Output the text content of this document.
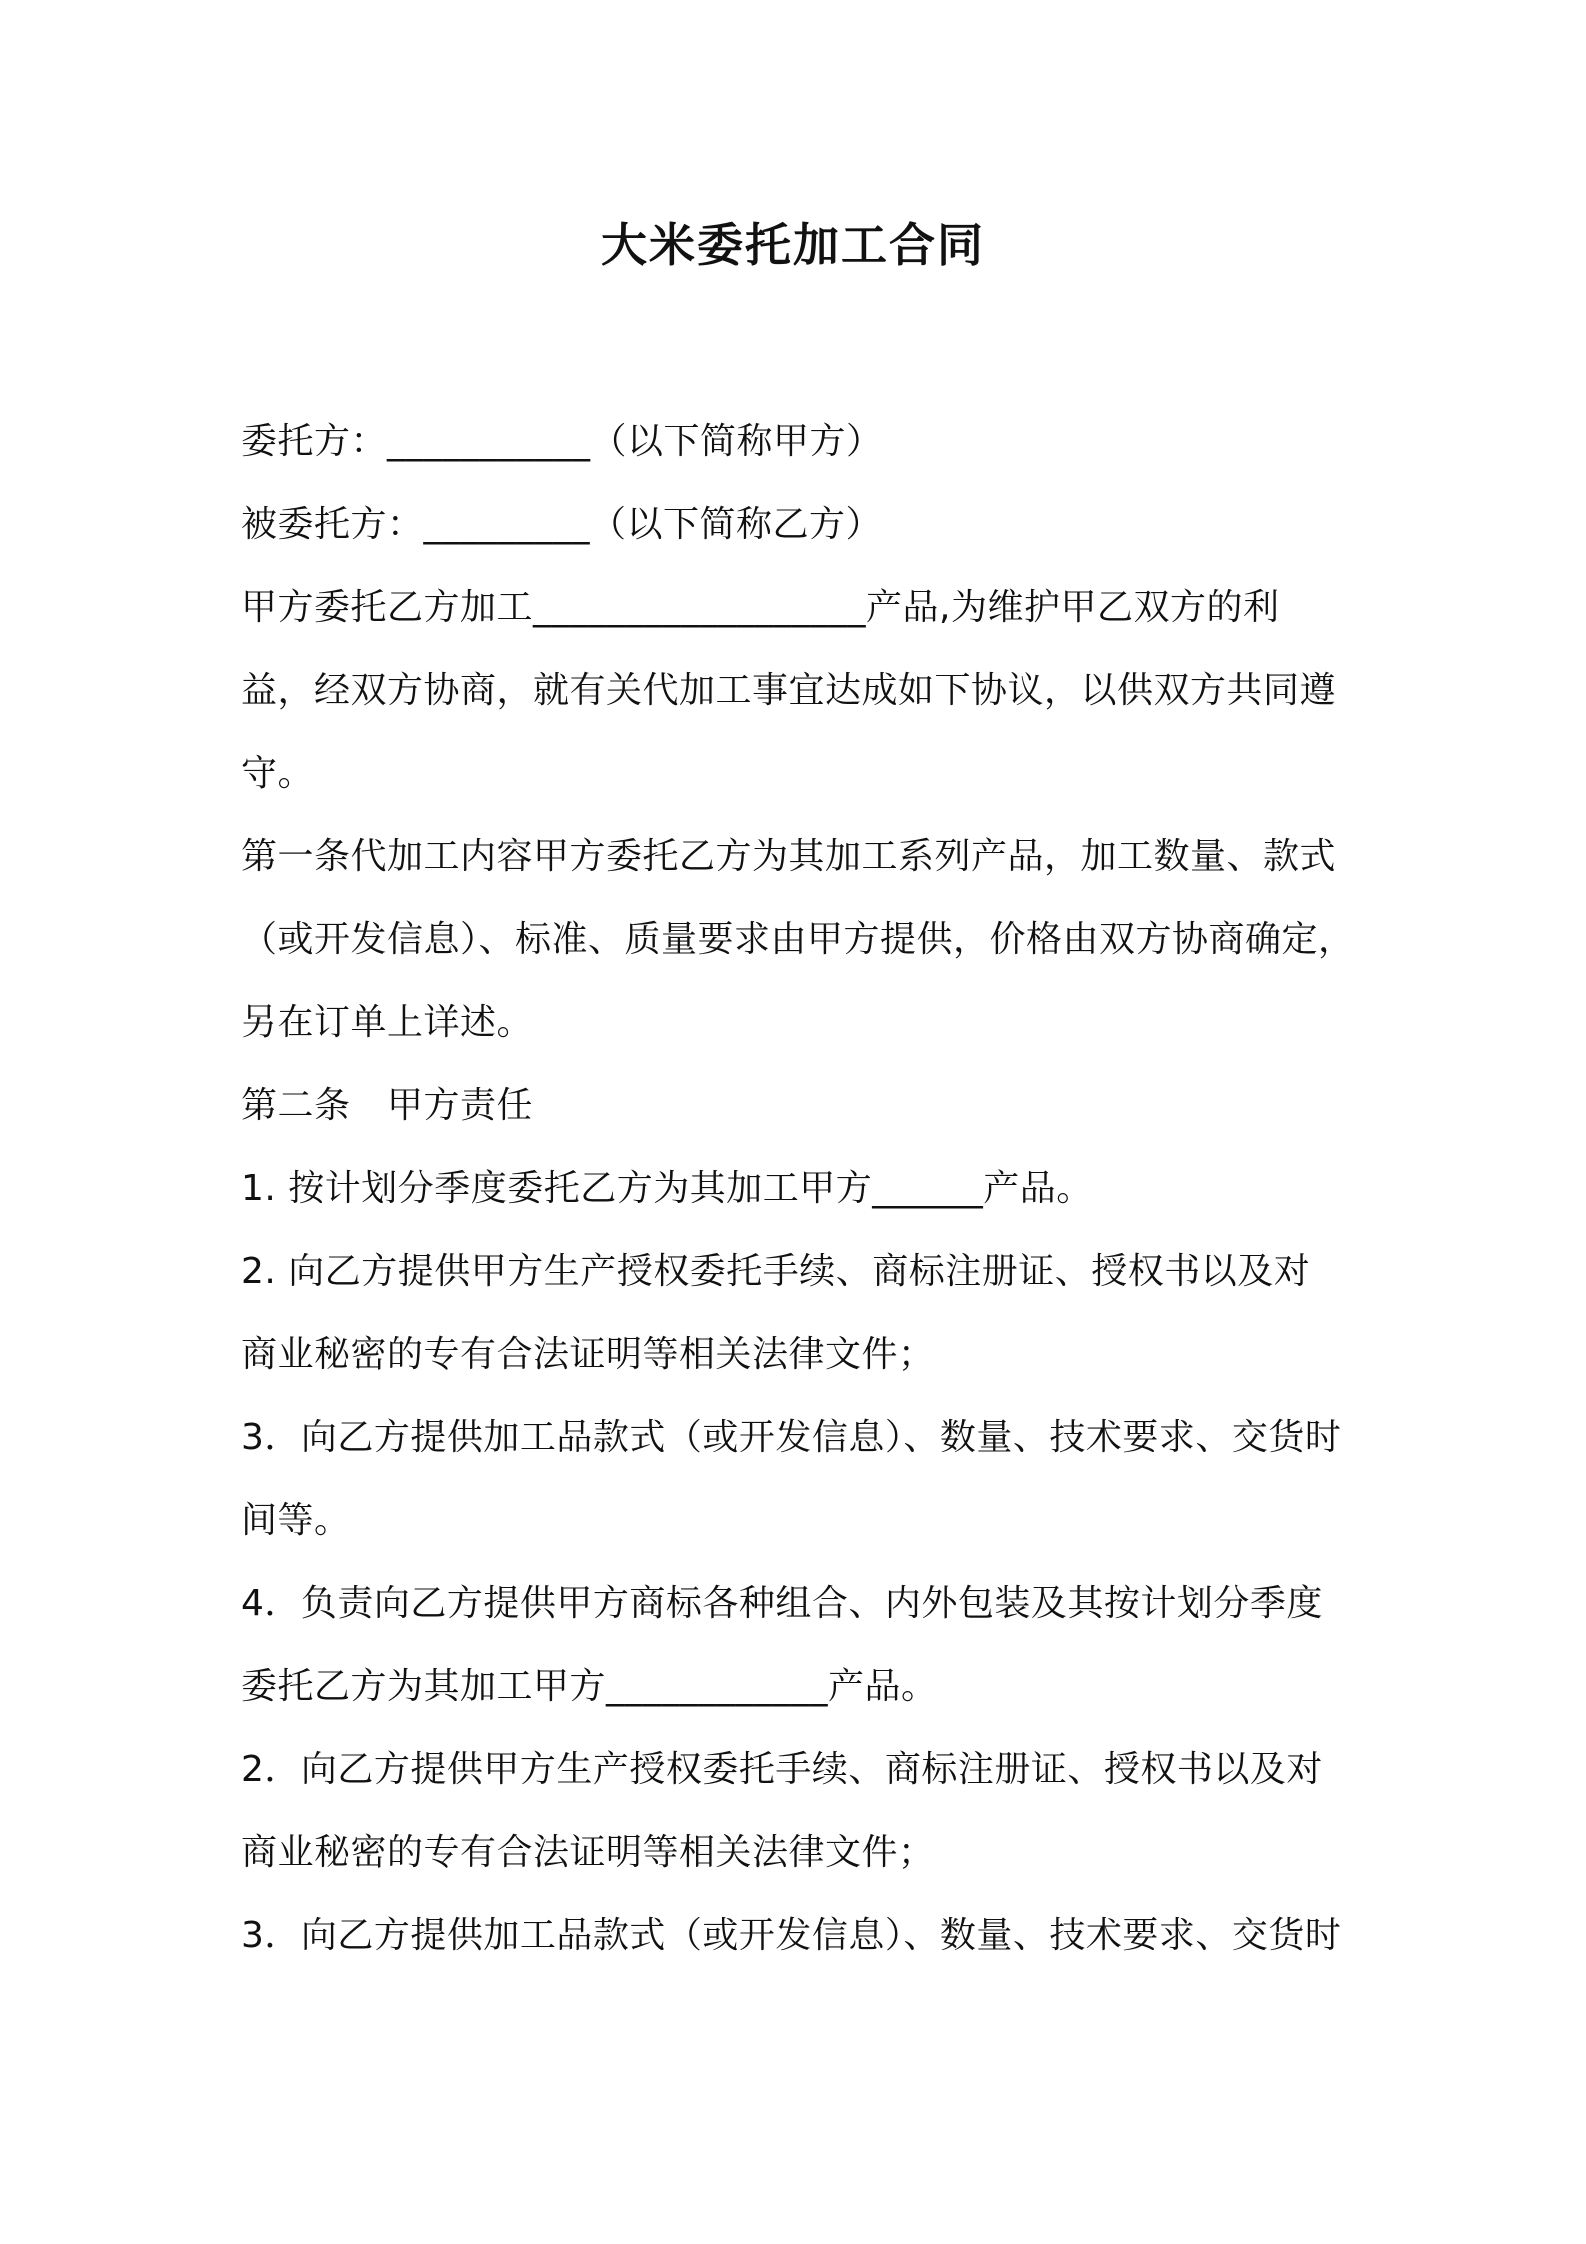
大米委托加工合同
委托方：___________（以下简称甲方）
被委托方：_________（以下简称乙方）
甲方委托乙方加工__________________产品,为维护甲乙双方的利
益，经双方协商，就有关代加工事宜达成如下协议，以供双方共同遵
守。
第一条代加工内容甲方委托乙方为其加工系列产品，加工数量、款式
（或开发信息）、标准、质量要求由甲方提供，价格由双方协商确定，
另在订单上详述。
第二条　甲方责任
1. 按计划分季度委托乙方为其加工甲方______产品。
2. 向乙方提供甲方生产授权委托手续、商标注册证、授权书以及对
商业秘密的专有合法证明等相关法律文件；
3．向乙方提供加工品款式（或开发信息）、数量、技术要求、交货时
间等。
4．负责向乙方提供甲方商标各种组合、内外包装及其按计划分季度
委托乙方为其加工甲方____________产品。
2．向乙方提供甲方生产授权委托手续、商标注册证、授权书以及对
商业秘密的专有合法证明等相关法律文件；
3．向乙方提供加工品款式（或开发信息）、数量、技术要求、交货时
